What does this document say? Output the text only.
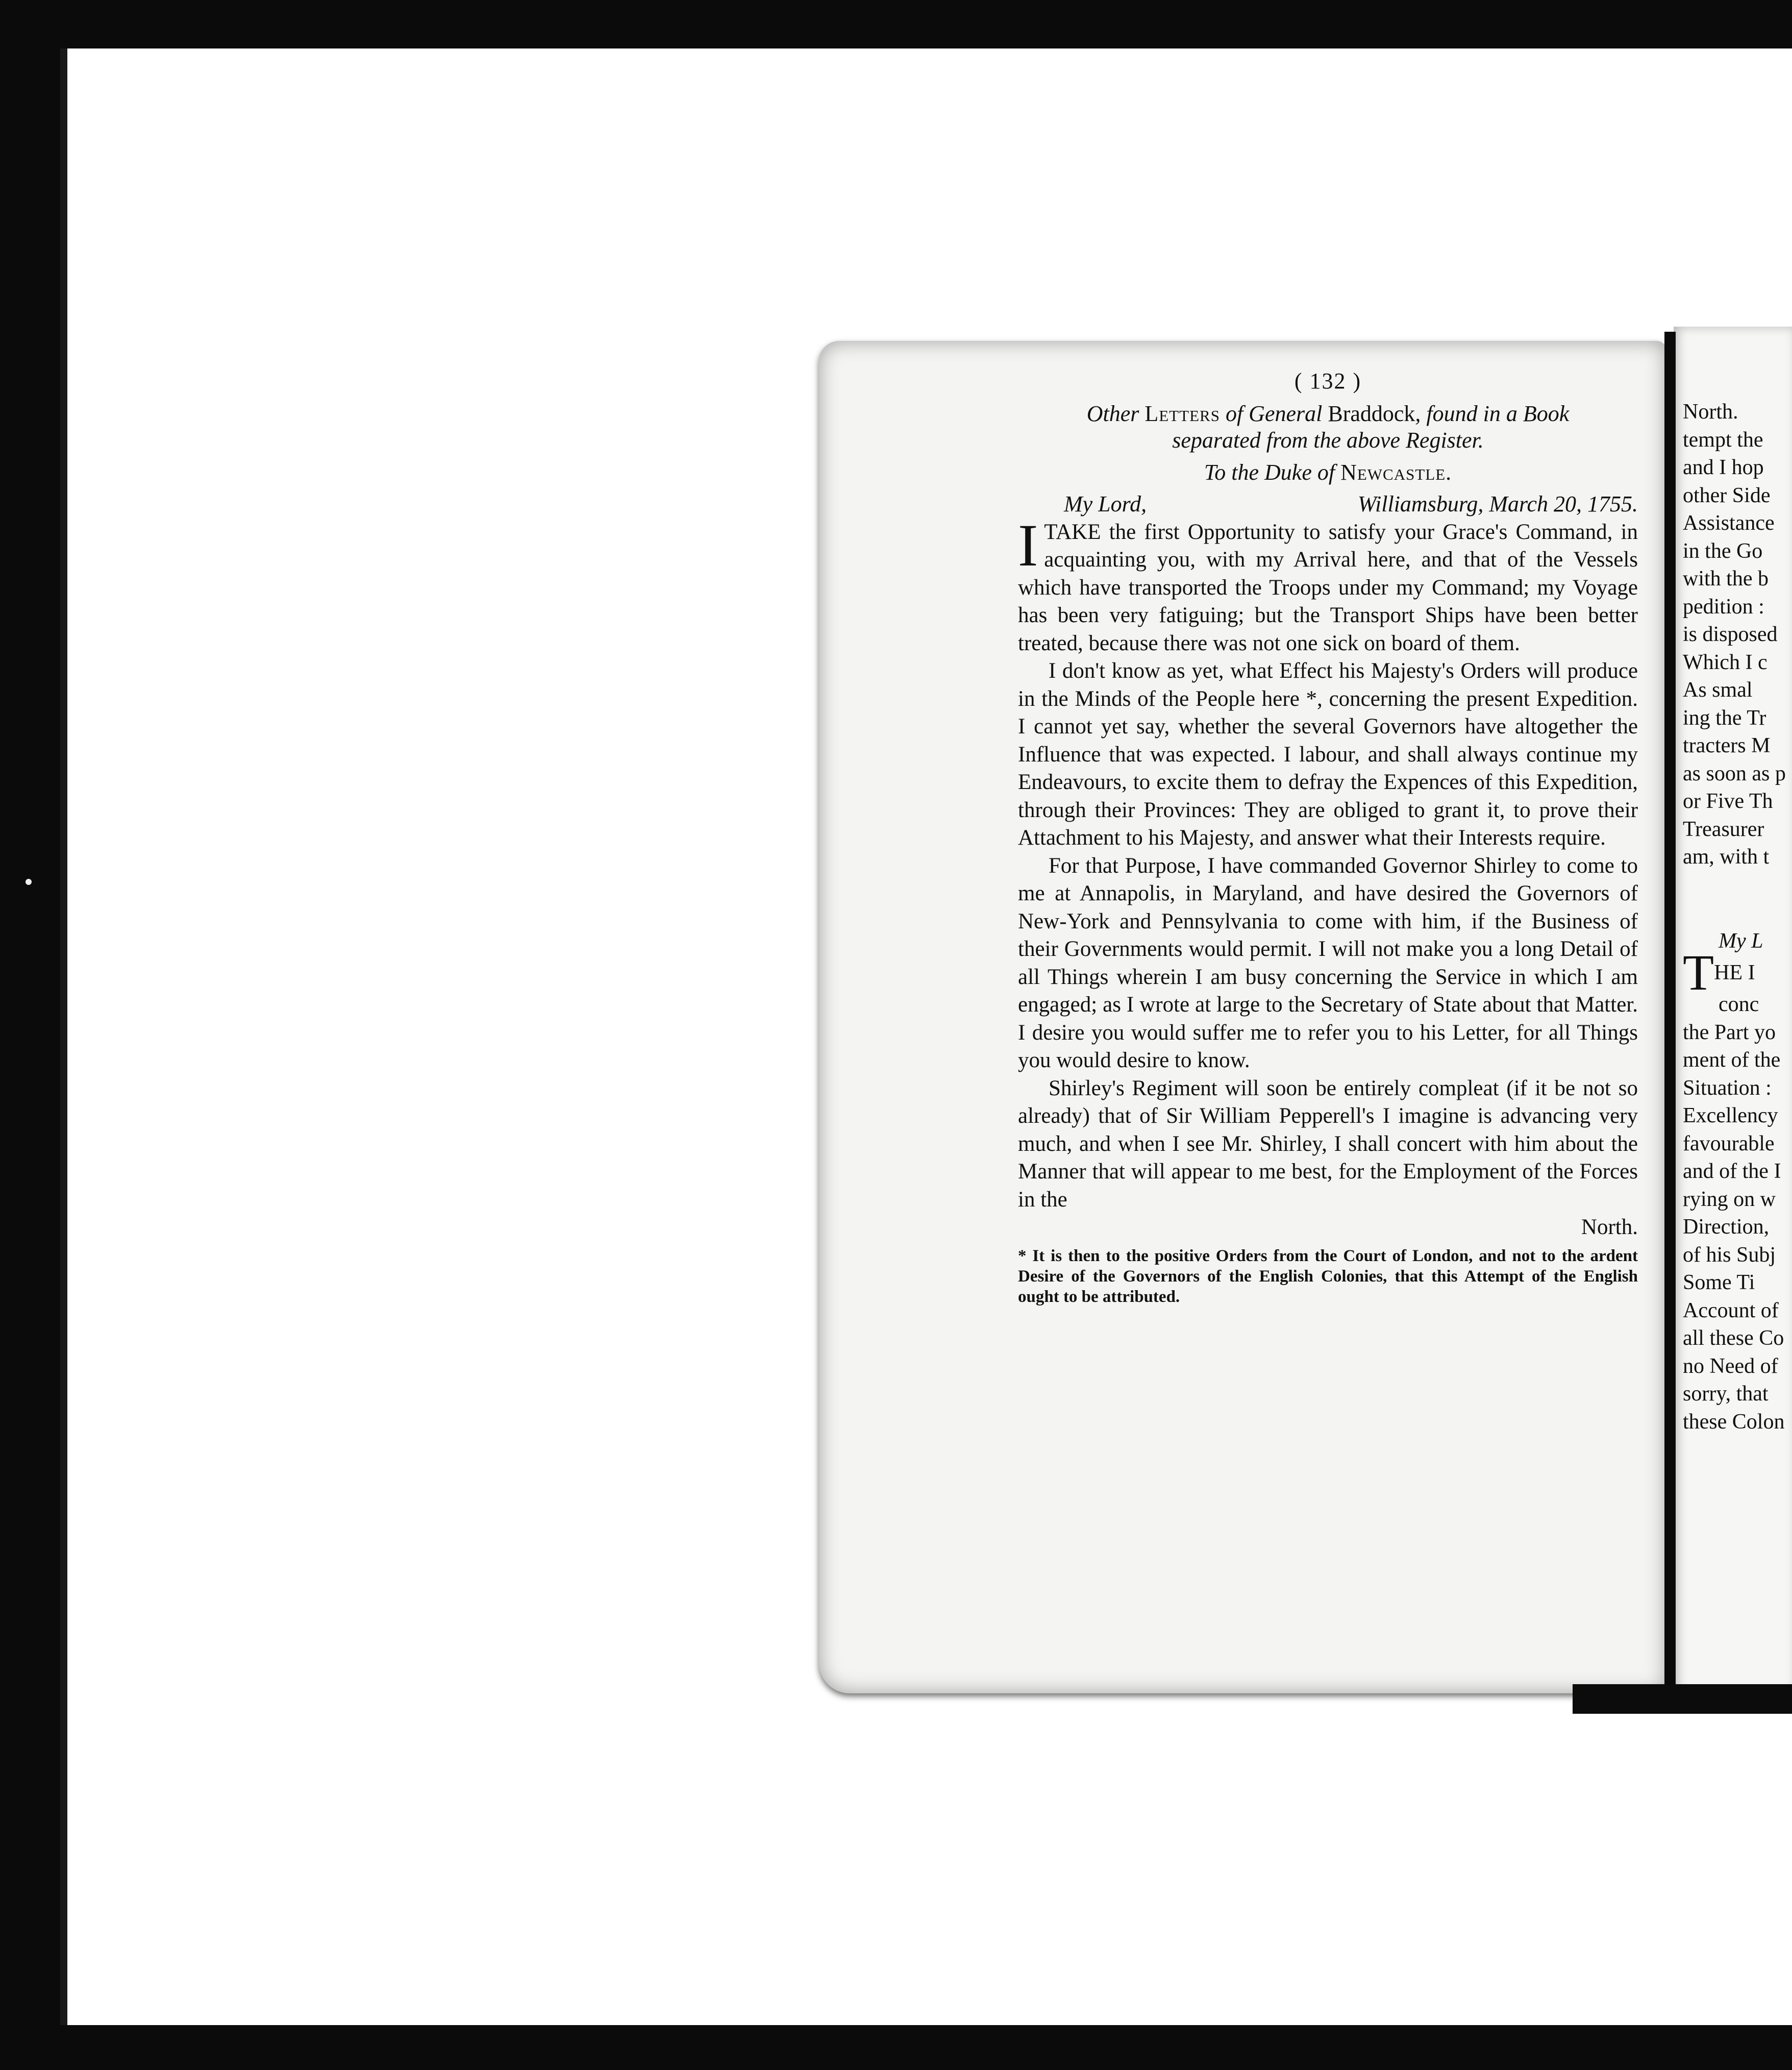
( 132 )
Other Letters of General Braddock, found in a Book
separated from the above Register.
To the Duke of Newcastle.
My Lord,	Williamsburg, March 20, 1755.

ITAKE the first Opportunity to satisfy your Grace's Command, in acquainting you, with my Arrival here, and that of the Vessels which have transported the Troops under my Command; my Voyage has been very fatiguing; but the Transport Ships have been better treated, because there was not one sick on board of them.

I don't know as yet, what Effect his Majesty's Orders will produce in the Minds of the People here *, concerning the present Expedition. I cannot yet say, whether the several Governors have altogether the Influence that was expected. I labour, and shall always continue my Endeavours, to excite them to defray the Expences of this Expedition, through their Provinces: They are obliged to grant it, to prove their Attachment to his Majesty, and answer what their Interests require.

For that Purpose, I have commanded Governor Shirley to come to me at Annapolis, in Maryland, and have desired the Governors of New-York and Pennsylvania to come with him, if the Business of their Governments would permit. I will not make you a long Detail of all Things wherein I am busy concerning the Service in which I am engaged; as I wrote at large to the Secretary of State about that Matter. I desire you would suffer me to refer you to his Letter, for all Things you would desire to know.

Shirley's Regiment will soon be entirely compleat (if it be not so already) that of Sir William Pepperell's I imagine is advancing very much, and when I see Mr. Shirley, I shall concert with him about the Manner that will appear to me best, for the Employment of the Forces in the

North.
* It is then to the positive Orders from the Court of London, and not to the ardent Desire of the Governors of the English Colonies, that this Attempt of the English ought to be attributed.
North.
tempt the
and I hop
other Side
Assistance
in the Go
with the b
pedition :
is disposed
Which I c
As smal
ing the Tr
tracters M
as soon as p
or Five Th
Treasurer
am, with t
My L
$T^{HE I}$
conc
the Part yo
ment of the
Situation :
Excellency
favourable
and of the I
rying on w
Direction,
of his Subj
Some Ti
Account of
all these Co
no Need of
sorry, that
these Colon
